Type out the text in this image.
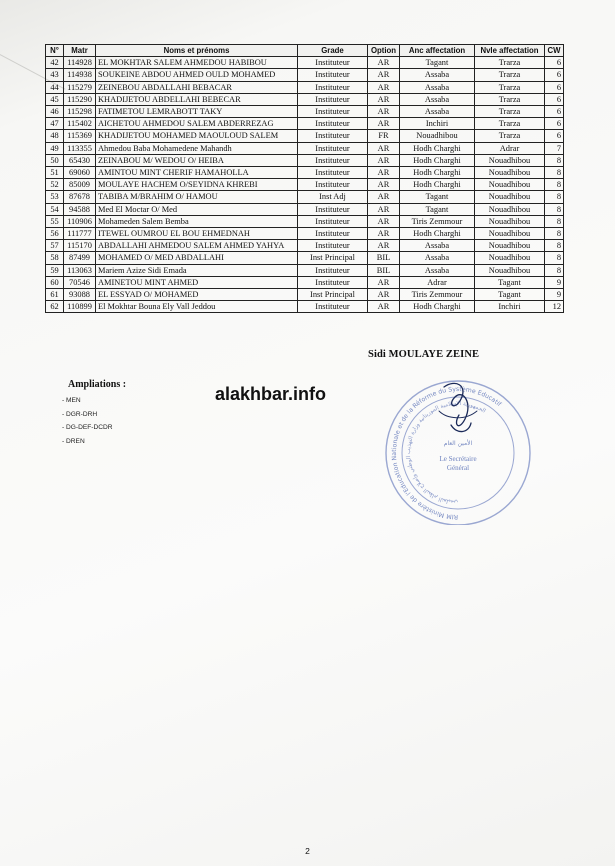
N°	Matr	Noms et prénoms	Grade	Option	Anc affectation	Nvle affectation	CW
42	114928	EL MOKHTAR SALEM AHMEDOU HABIBOU	Instituteur	AR	Tagant	Trarza	6
43	114938	SOUKEINE ABDOU AHMED OULD MOHAMED	Instituteur	AR	Assaba	Trarza	6
44	115279	ZEINEBOU ABDALLAHI BEBACAR	Instituteur	AR	Assaba	Trarza	6
45	115290	KHADIJETOU ABDELLAHI BEBECAR	Instituteur	AR	Assaba	Trarza	6
46	115298	FATIMETOU LEMRABOTT TAKY	Instituteur	AR	Assaba	Trarza	6
47	115402	AICHETOU AHMEDOU SALEM ABDERREZAG	Instituteur	AR	Inchiri	Trarza	6
48	115369	KHADIJETOU MOHAMED MAOULOUD SALEM	Instituteur	FR	Nouadhibou	Trarza	6
49	113355	Ahmedou Baba Mohamedene Mahandh	Instituteur	AR	Hodh Charghi	Adrar	7
50	65430	ZEINABOU M/ WEDOU O/ HEIBA	Instituteur	AR	Hodh Charghi	Nouadhibou	8
51	69060	AMINTOU MINT CHERIF HAMAHOLLA	Instituteur	AR	Hodh Charghi	Nouadhibou	8
52	85009	MOULAYE HACHEM O/SEYIDNA KHREBI	Instituteur	AR	Hodh Charghi	Nouadhibou	8
53	87678	TABIBA M/BRAHIM O/ HAMOU	Inst Adj	AR	Tagant	Nouadhibou	8
54	94588	Med El Moctar O/ Med	Instituteur	AR	Tagant	Nouadhibou	8
55	110906	Mohameden Salem Bemba	Instituteur	AR	Tiris Zemmour	Nouadhibou	8
56	111777	ITEWEL OUMROU EL BOU EHMEDNAH	Instituteur	AR	Hodh Charghi	Nouadhibou	8
57	115170	ABDALLAHI AHMEDOU SALEM AHMED YAHYA	Instituteur	AR	Assaba	Nouadhibou	8
58	87499	MOHAMED O/ MED ABDALLAHI	Inst Principal	BIL	Assaba	Nouadhibou	8
59	113063	Mariem Azize Sidi Emada	Instituteur	BIL	Assaba	Nouadhibou	8
60	70546	AMINETOU MINT AHMED	Instituteur	AR	Adrar	Tagant	9
61	93088	EL ESSYAD O/ MOHAMED	Inst Principal	AR	Tiris Zemmour	Tagant	9
62	110899	El Mokhtar Bouna Ely Vall Jeddou	Instituteur	AR	Hodh Charghi	Inchiri	12
Sidi MOULAYE ZEINE
Ampliations :
- MEN
- DGR-DRH
- DG-DEF-DCDR
- DREN
alakhbar.info
RIM Ministère de l'Education Nationale et de la Réforme du Système Educatif
الجمهورية الإسلامية الموريتانية وزارة التهذيب الوطني وإصلاح النظام التعليمي
الأمين العام
Le Secrétaire
Général
2
